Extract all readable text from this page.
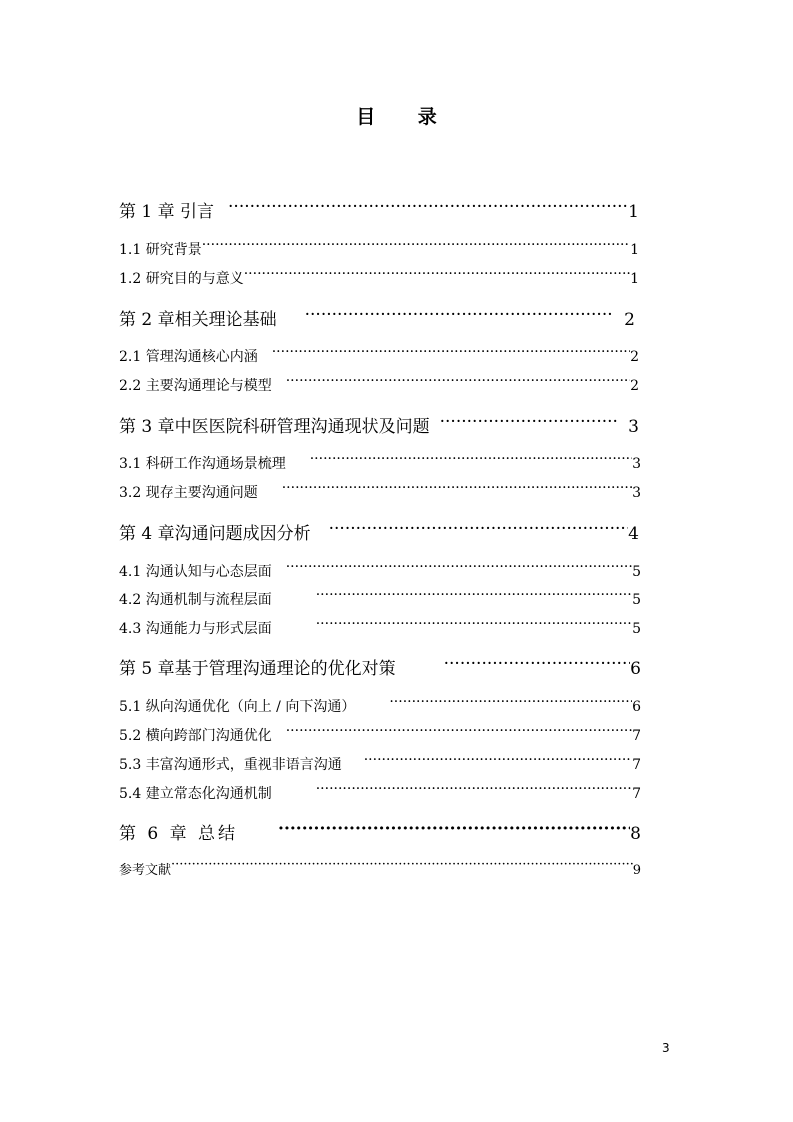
目 录
第 1 章 引言 ·····	1
1.1 研究背景 ·····	1
1.2 研究目的与意义 ·····	1
第 2 章相关理论基础 ·····	2
2.1 管理沟通核心内涵 ·····	2
2.2 主要沟通理论与模型 ·····	2
第 3 章中医医院科研管理沟通现状及问题 ·····	3
3.1 科研工作沟通场景梳理 ·····	3
3.2 现存主要沟通问题 ·····	3
第 4 章沟通问题成因分析 ·····	4
4.1 沟通认知与心态层面 ·····	5
4.2 沟通机制与流程层面 ·····	5
4.3 沟通能力与形式层面 ·····	5
第 5 章基于管理沟通理论的优化对策 ·····	6
5.1 纵向沟通优化（向上 / 向下沟通） ·····	6
5.2 横向跨部门沟通优化 ·····	7
5.3 丰富沟通形式，重视非语言沟通 ·····	7
5.4 建立常态化沟通机制 ·····	7
第 6 章 总结 ·····	8
参考文献 ·····	9
3
